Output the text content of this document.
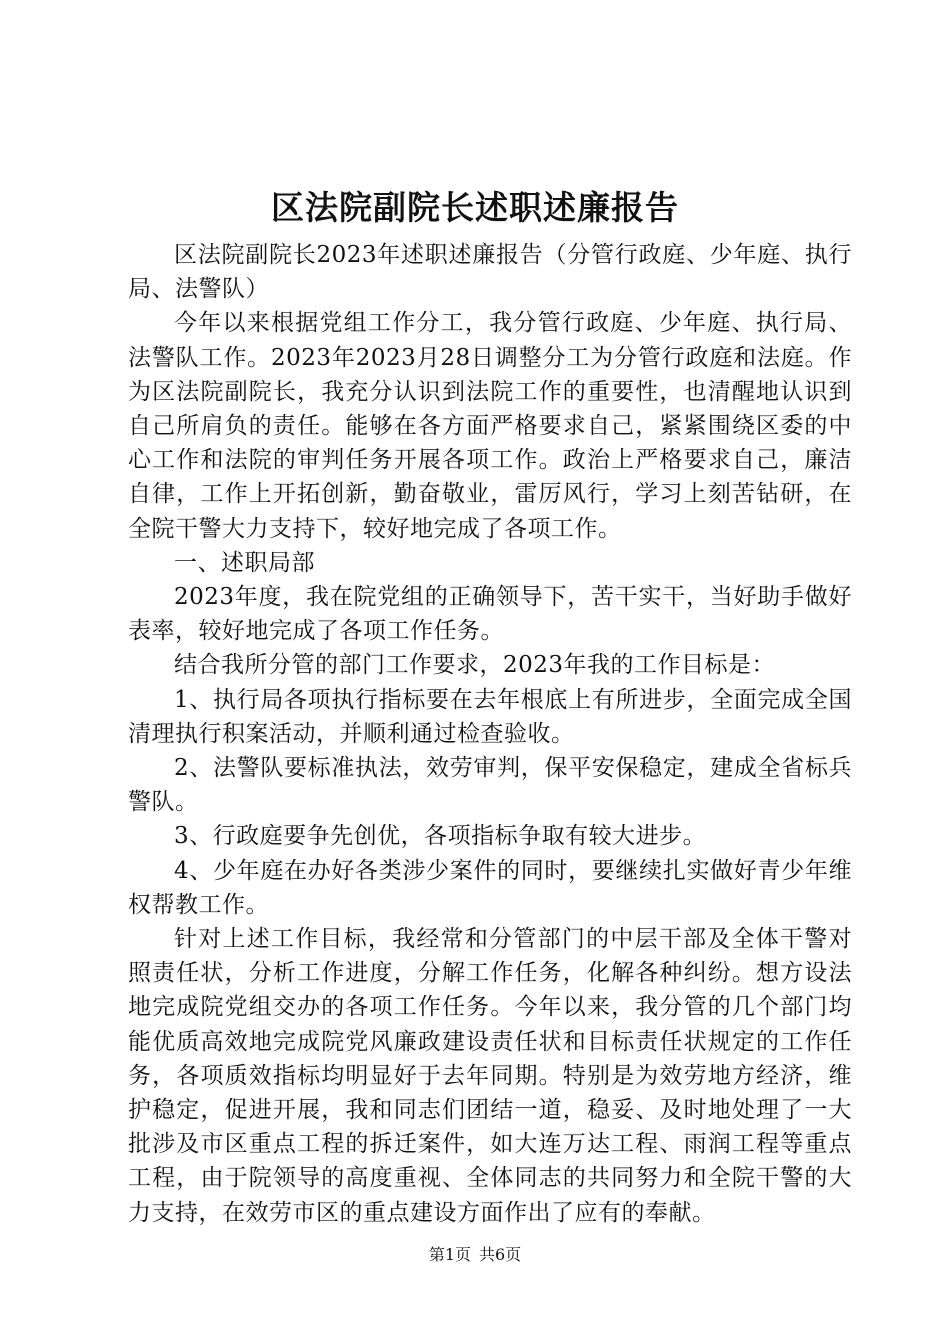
区法院副院长述职述廉报告

区法院副院长2023年述职述廉报告（分管行政庭、少年庭、执行局、法警队）

今年以来根据党组工作分工，我分管行政庭、少年庭、执行局、法警队工作。2023年2023月28日调整分工为分管行政庭和法庭。作为区法院副院长，我充分认识到法院工作的重要性，也清醒地认识到自己所肩负的责任。能够在各方面严格要求自己，紧紧围绕区委的中心工作和法院的审判任务开展各项工作。政治上严格要求自己，廉洁自律，工作上开拓创新，勤奋敬业，雷厉风行，学习上刻苦钻研，在全院干警大力支持下，较好地完成了各项工作。

一、述职局部

2023年度，我在院党组的正确领导下，苦干实干，当好助手做好表率，较好地完成了各项工作任务。

结合我所分管的部门工作要求，2023年我的工作目标是：

1、执行局各项执行指标要在去年根底上有所进步，全面完成全国清理执行积案活动，并顺利通过检查验收。

2、法警队要标准执法，效劳审判，保平安保稳定，建成全省标兵警队。

3、行政庭要争先创优，各项指标争取有较大进步。

4、少年庭在办好各类涉少案件的同时，要继续扎实做好青少年维权帮教工作。

针对上述工作目标，我经常和分管部门的中层干部及全体干警对照责任状，分析工作进度，分解工作任务，化解各种纠纷。想方设法地完成院党组交办的各项工作任务。今年以来，我分管的几个部门均能优质高效地完成院党风廉政建设责任状和目标责任状规定的工作任务，各项质效指标均明显好于去年同期。特别是为效劳地方经济，维护稳定，促进开展，我和同志们团结一道，稳妥、及时地处理了一大批涉及市区重点工程的拆迁案件，如大连万达工程、雨润工程等重点工程，由于院领导的高度重视、全体同志的共同努力和全院干警的大力支持，在效劳市区的重点建设方面作出了应有的奉献。

第1页 共6页
